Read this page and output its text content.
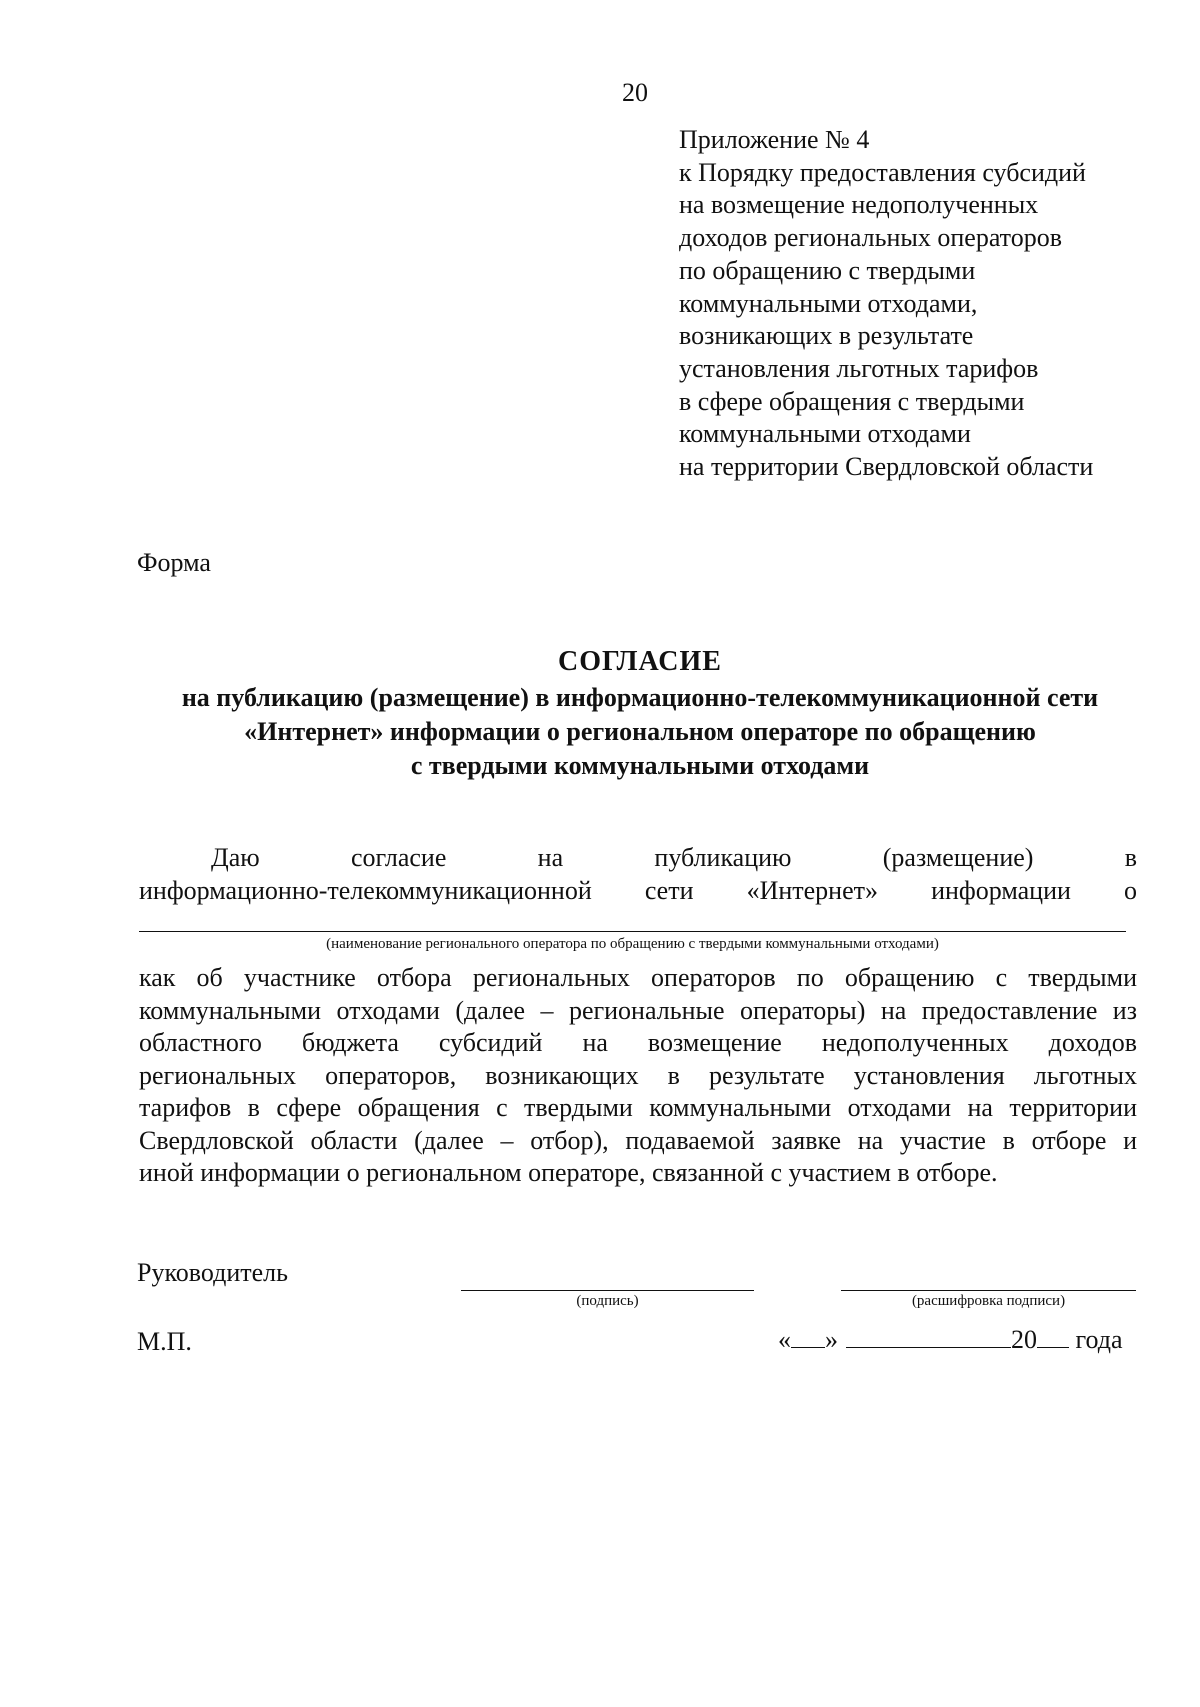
20
Приложение № 4
к Порядку предоставления субсидий
на возмещение недополученных
доходов региональных операторов
по обращению с твердыми
коммунальными отходами,
возникающих в результате
установления льготных тарифов
в сфере обращения с твердыми
коммунальными отходами
на территории Свердловской области
Форма
СОГЛАСИЕ
на публикацию (размещение) в информационно-телекоммуникационной сети
«Интернет» информации о региональном операторе по обращению
с твердыми коммунальными отходами
Даю согласие на публикацию (размещение) в
информационно-телекоммуникационной сети «Интернет» информации о
(наименование регионального оператора по обращению с твердыми коммунальными отходами)
как об участнике отбора региональных операторов по обращению с твердыми
коммунальными отходами (далее – региональные операторы) на предоставление из
областного бюджета субсидий на возмещение недополученных доходов
региональных операторов, возникающих в результате установления льготных
тарифов в сфере обращения с твердыми коммунальными отходами на территории
Свердловской области (далее – отбор), подаваемой заявке на участие в отборе и
иной информации о региональном операторе, связанной с участием в отборе.
Руководитель
(подпись)	(расшифровка подписи)
М.П.	« »	20 года
